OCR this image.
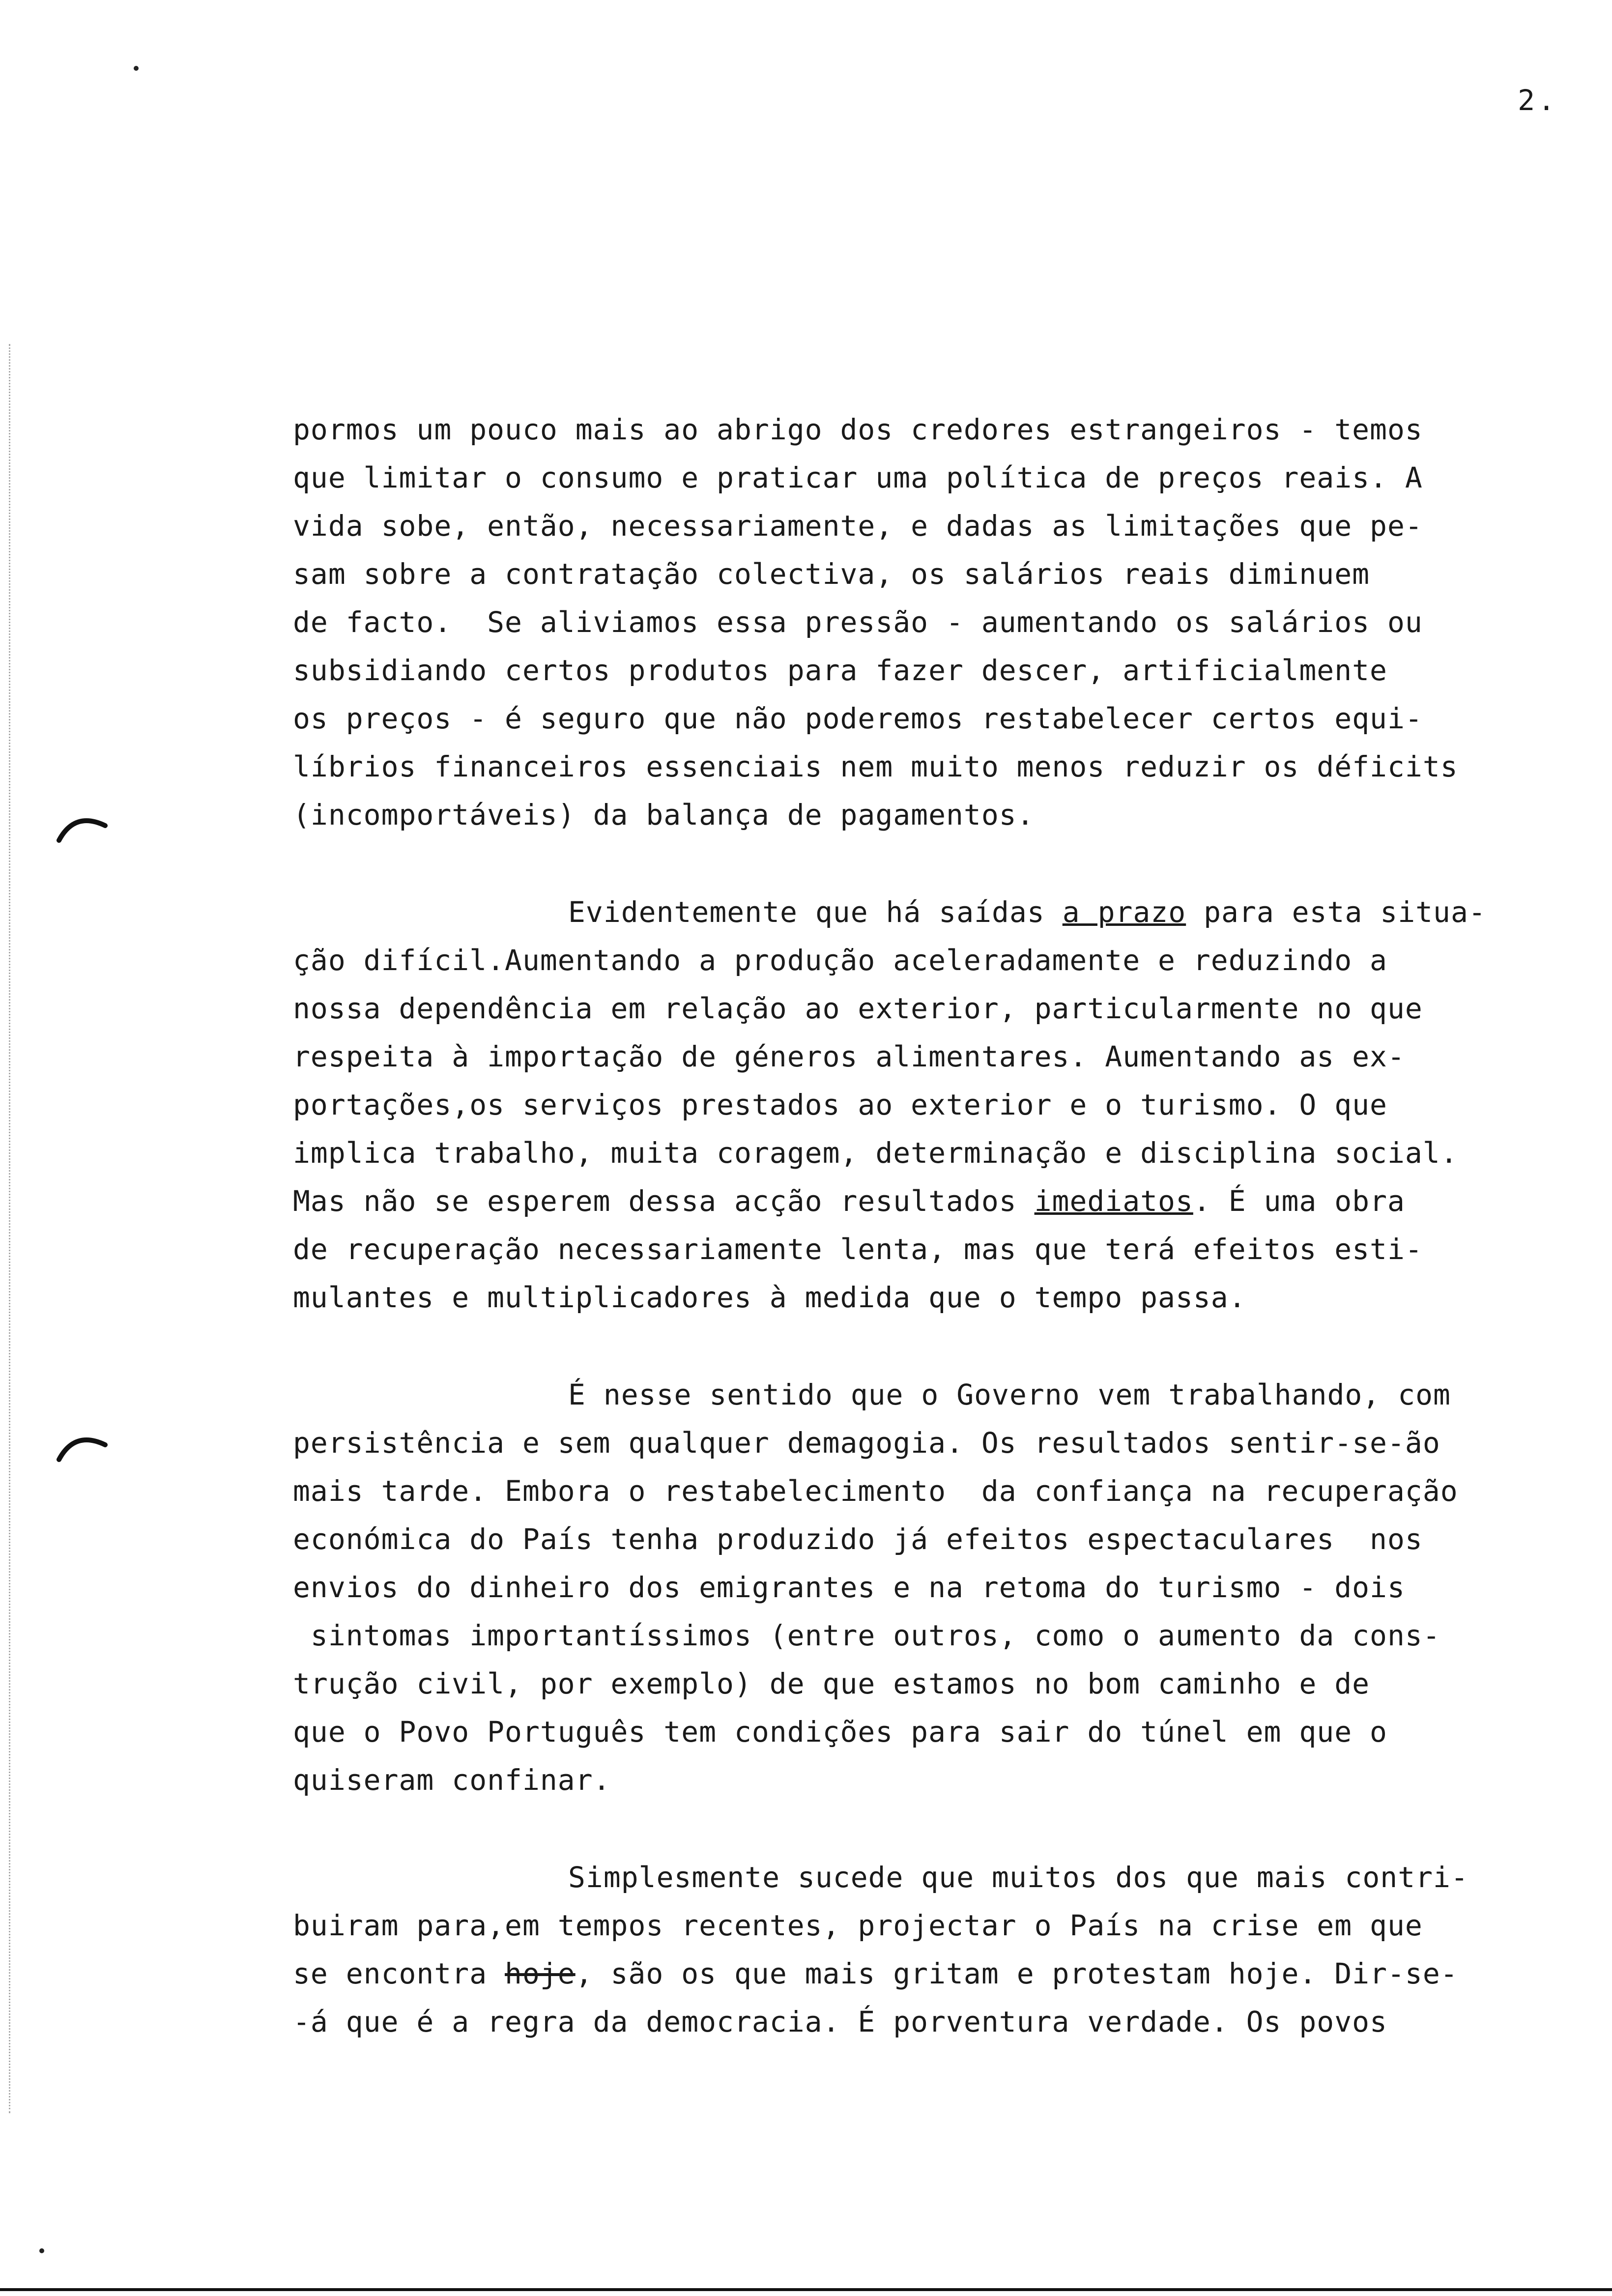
2.
pormos um pouco mais ao abrigo dos credores estrangeiros - temos
que limitar o consumo e praticar uma política de preços reais. A
vida sobe, então, necessariamente, e dadas as limitações que pe-
sam sobre a contratação colectiva, os salários reais diminuem
de facto.  Se aliviamos essa pressão - aumentando os salários ou
subsidiando certos produtos para fazer descer, artificialmente
os preços - é seguro que não poderemos restabelecer certos equi-
líbrios financeiros essenciais nem muito menos reduzir os déficits
(incomportáveis) da balança de pagamentos.
Evidentemente que há saídas a prazo para esta situa-
ção difícil.Aumentando a produção aceleradamente e reduzindo a
nossa dependência em relação ao exterior, particularmente no que
respeita à importação de géneros alimentares. Aumentando as ex-
portações,os serviços prestados ao exterior e o turismo. O que
implica trabalho, muita coragem, determinação e disciplina social.
Mas não se esperem dessa acção resultados imediatos. É uma obra
de recuperação necessariamente lenta, mas que terá efeitos esti-
mulantes e multiplicadores à medida que o tempo passa.
É nesse sentido que o Governo vem trabalhando, com
persistência e sem qualquer demagogia. Os resultados sentir-se-ão
mais tarde. Embora o restabelecimento  da confiança na recuperação
económica do País tenha produzido já efeitos espectaculares  nos
envios do dinheiro dos emigrantes e na retoma do turismo - dois
sintomas importantíssimos (entre outros, como o aumento da cons-
trução civil, por exemplo) de que estamos no bom caminho e de
que o Povo Português tem condições para sair do túnel em que o
quiseram confinar.
Simplesmente sucede que muitos dos que mais contri-
buiram para,em tempos recentes, projectar o País na crise em que
se encontra hoje, são os que mais gritam e protestam hoje. Dir-se-
-á que é a regra da democracia. É porventura verdade. Os povos
